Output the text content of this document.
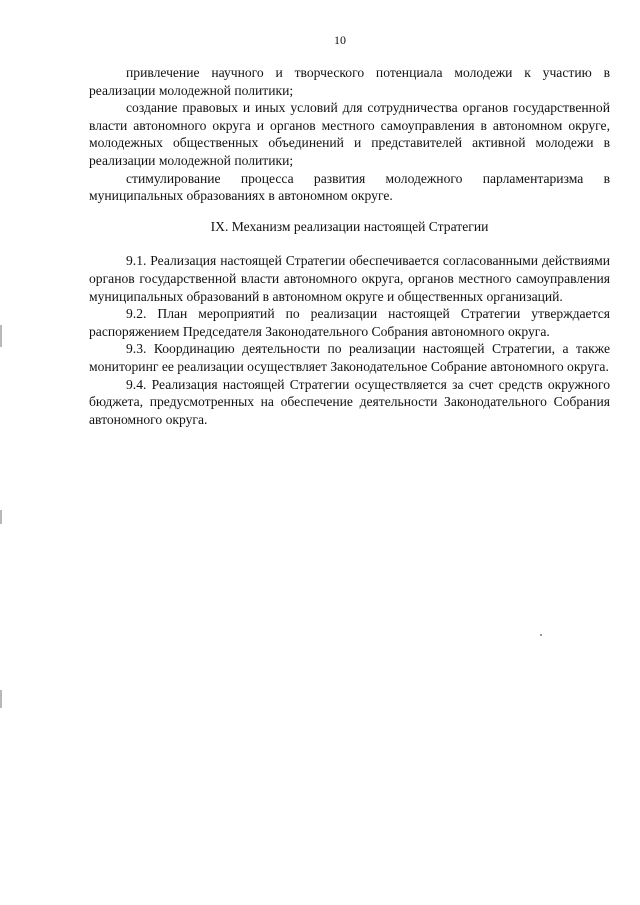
10

привлечение научного и творческого потенциала молодежи к участию в реализации молодежной политики;

создание правовых и иных условий для сотрудничества органов государственной власти автономного округа и органов местного самоуправления в автономном округе, молодежных общественных объединений и представителей активной молодежи в реализации молодежной политики;

стимулирование процесса развития молодежного парламентаризма в муниципальных образованиях в автономном округе.

IX. Механизм реализации настоящей Стратегии

9.1. Реализация настоящей Стратегии обеспечивается согласованными действиями органов государственной власти автономного округа, органов местного самоуправления муниципальных образований в автономном округе и общественных организаций.

9.2. План мероприятий по реализации настоящей Стратегии утверждается распоряжением Председателя Законодательного Собрания автономного округа.

9.3. Координацию деятельности по реализации настоящей Стратегии, а также мониторинг ее реализации осуществляет Законодательное Собрание автономного округа.

9.4. Реализация настоящей Стратегии осуществляется за счет средств окружного бюджета, предусмотренных на обеспечение деятельности Законодательного Собрания автономного округа.
